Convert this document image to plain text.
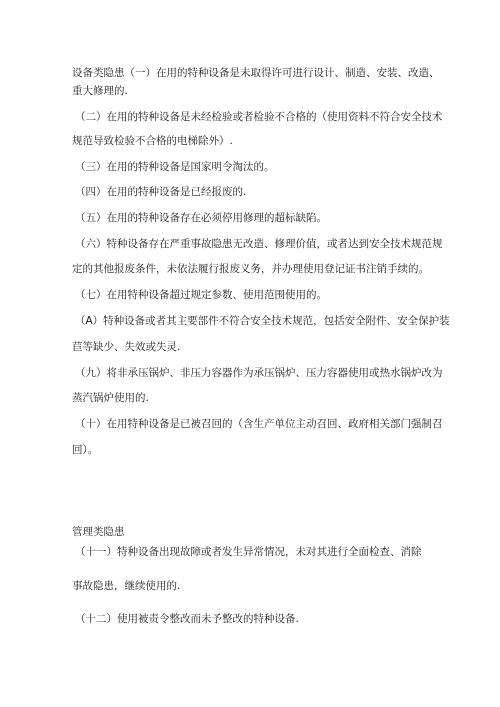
设备类隐患（一）在用的特种设备是未取得许可进行设计、制造、安装、改造、
重大修理的.
（二）在用的特种设备是未经检验或者检验不合格的（使用资料不符合安全技术
规范导致检验不合格的电梯除外）.
（三）在用的特种设备是国家明令淘汰的。
（四）在用的特种设备是已经报废的.
（五）在用的特种设备存在必须停用修理的超标缺陷。
（六）特种设备存在严重事故隐患无改造、修理价值，或者达到安全技术规范规
定的其他报废条件，未依法履行报废义务，并办理使用登记证书注销手续的。
（七）在用特种设备超过规定参数、使用范围使用的。
（A）特种设备或者其主要部件不符合安全技术规范，包括安全附件、安全保护装
苣等缺少、失效或失灵.
（九）将非承压锅炉、非压力容器作为承压锅炉、压力容器使用或热水锅炉改为
蒸汽锅炉使用的.
（十）在用特种设备是已被召回的（含生产单位主动召回、政府相关部门强制召
回）。
管理类隐患
（十一）特种设备出现故障或者发生异常情况，未对其进行全面检查、消除
事故隐患，继续使用的.
（十二）使用被责令整改而未予整改的特种设备.
